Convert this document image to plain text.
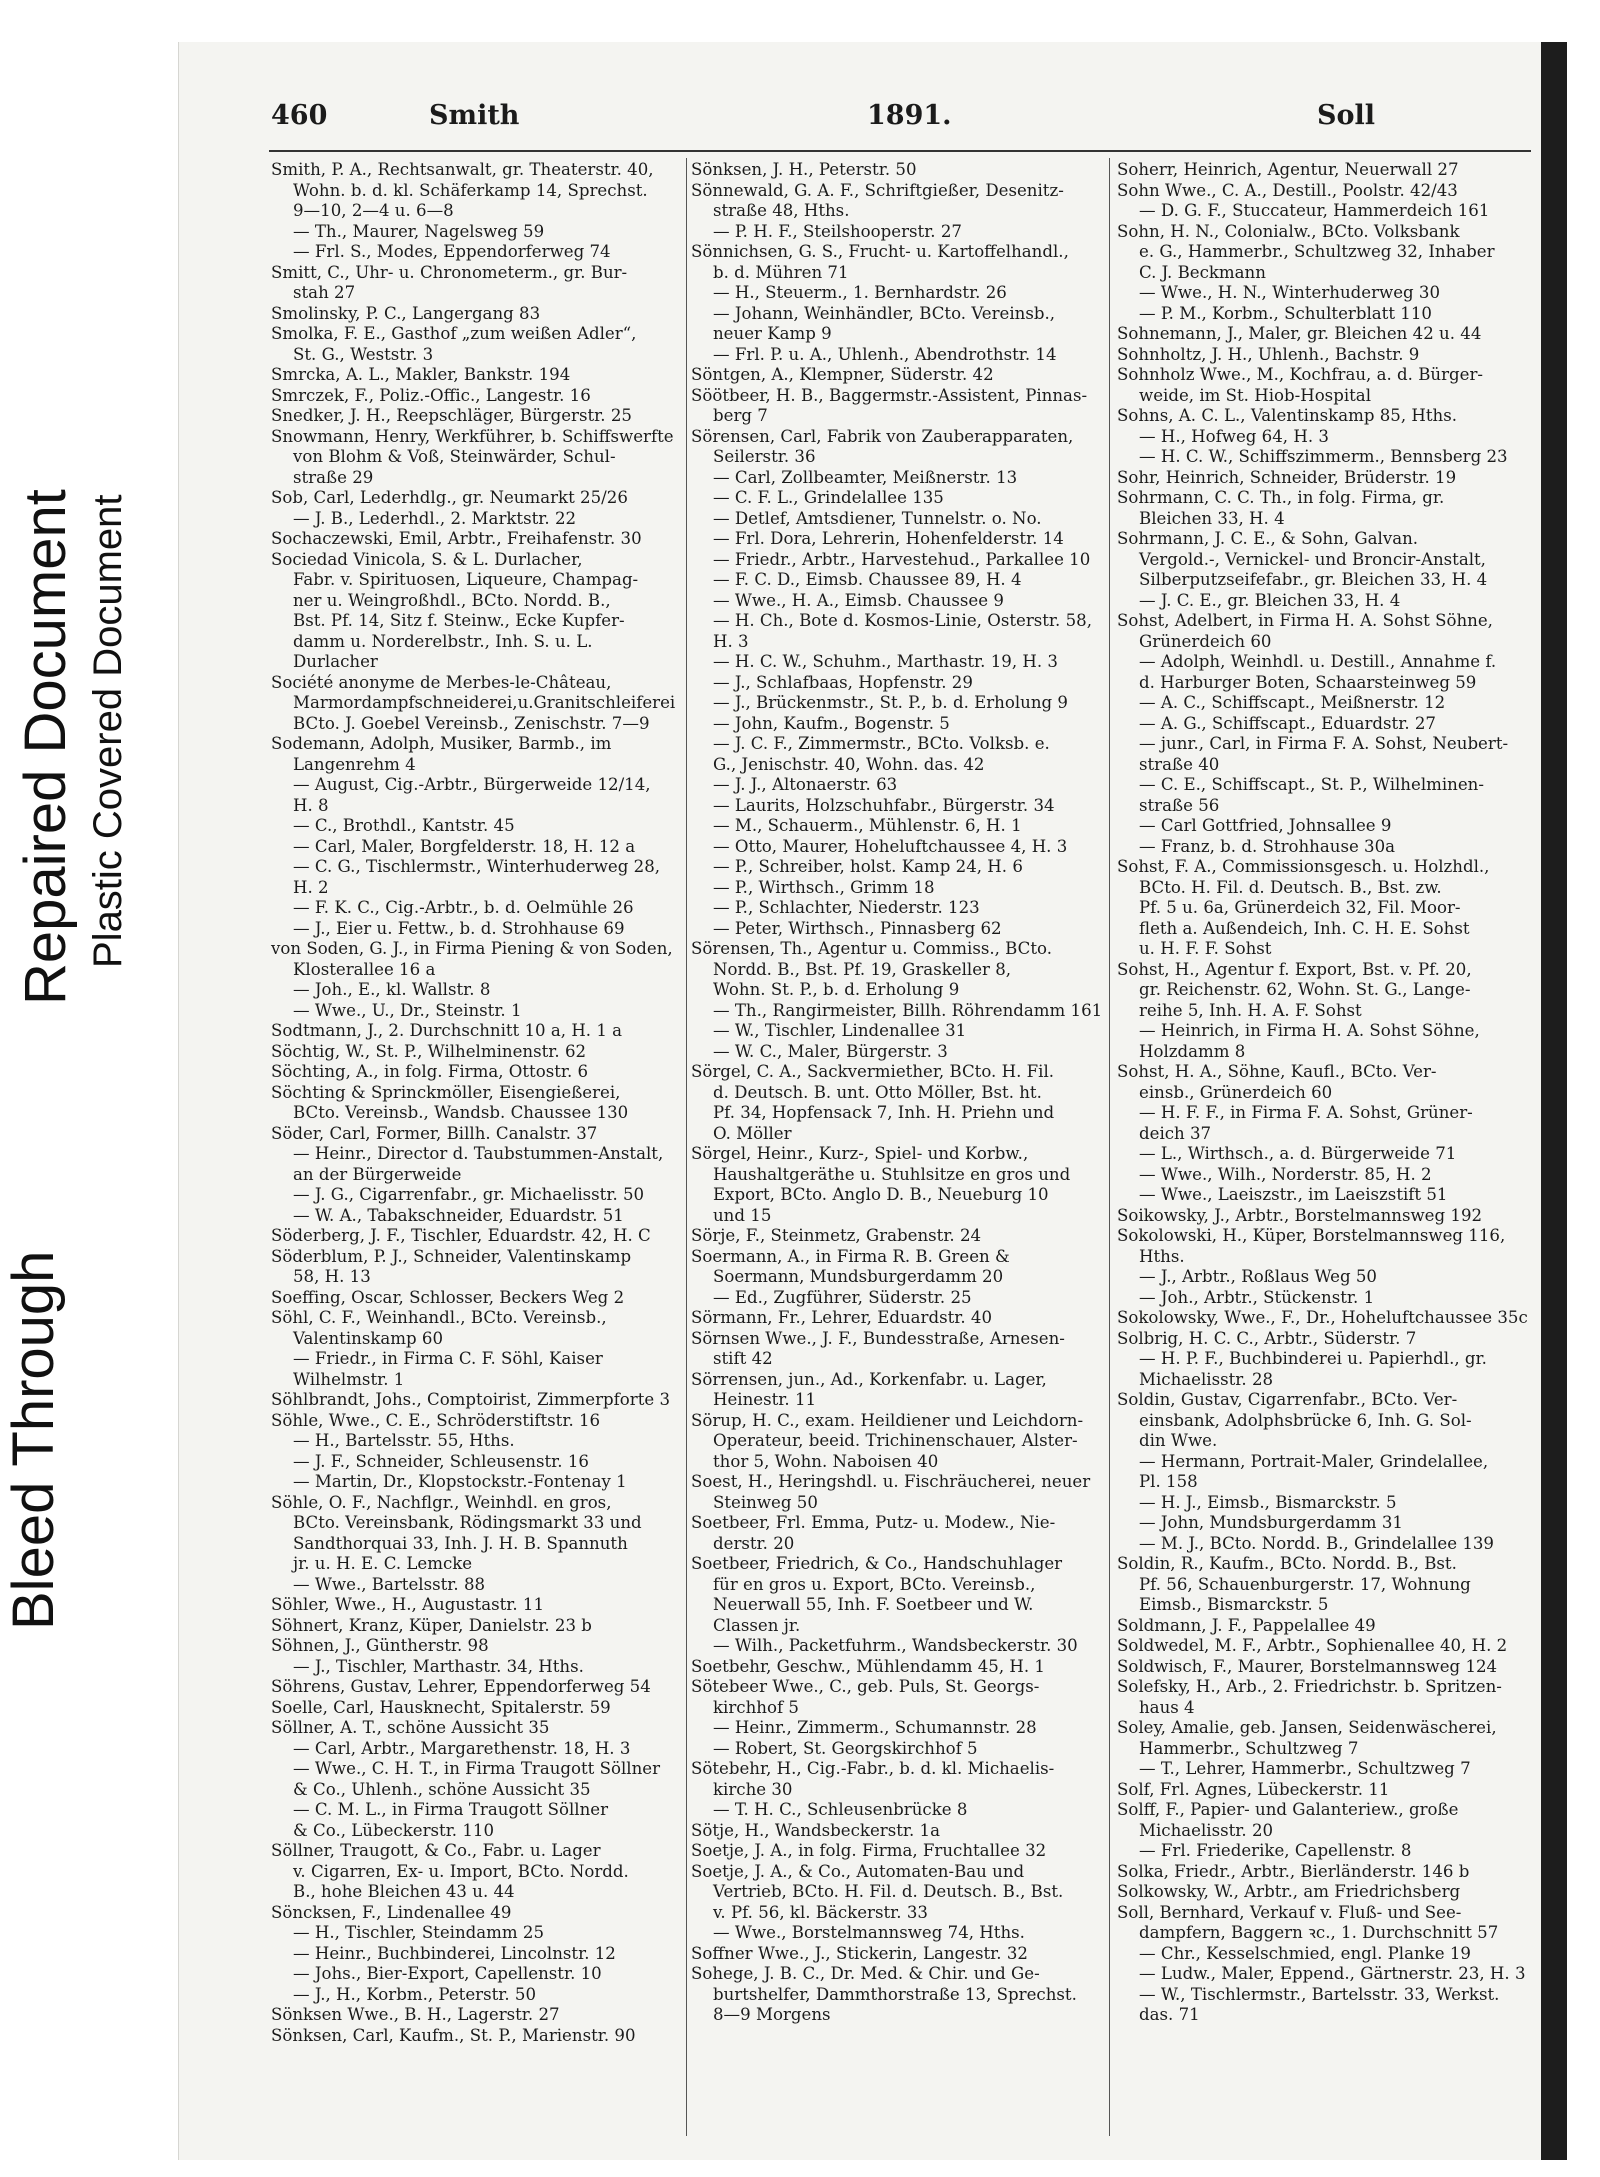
Bleed Through
Repaired Document Plastic Covered Document
460	Smith	1891.	Soll
Smith, P. A., Rechtsanwalt, gr. Theaterstr. 40,
Wohn. b. d. kl. Schäferkamp 14, Sprechst.
9—10, 2—4 u. 6—8
— Th., Maurer, Nagelsweg 59
— Frl. S., Modes, Eppendorferweg 74
Smitt, C., Uhr- u. Chronometerm., gr. Bur-
stah 27
Smolinsky, P. C., Langergang 83
Smolka, F. E., Gasthof „zum weißen Adler“,
St. G., Weststr. 3
Smrcka, A. L., Makler, Bankstr. 194
Smrczek, F., Poliz.-Offic., Langestr. 16
Snedker, J. H., Reepschläger, Bürgerstr. 25
Snowmann, Henry, Werkführer, b. Schiffswerfte
von Blohm & Voß, Steinwärder, Schul-
straße 29
Sob, Carl, Lederhdlg., gr. Neumarkt 25/26
— J. B., Lederhdl., 2. Marktstr. 22
Sochaczewski, Emil, Arbtr., Freihafenstr. 30
Sociedad Vinicola, S. & L. Durlacher,
Fabr. v. Spirituosen, Liqueure, Champag-
ner u. Weingroßhdl., BCto. Nordd. B.,
Bst. Pf. 14, Sitz f. Steinw., Ecke Kupfer-
damm u. Norderelbstr., Inh. S. u. L.
Durlacher
Société anonyme de Merbes-le-Château,
Marmordampfschneiderei,u.Granitschleiferei
BCto. J. Goebel Vereinsb., Zenischstr. 7—9
Sodemann, Adolph, Musiker, Barmb., im
Langenrehm 4
— August, Cig.-Arbtr., Bürgerweide 12/14,
H. 8
— C., Brothdl., Kantstr. 45
— Carl, Maler, Borgfelderstr. 18, H. 12 a
— C. G., Tischlermstr., Winterhuderweg 28,
H. 2
— F. K. C., Cig.-Arbtr., b. d. Oelmühle 26
— J., Eier u. Fettw., b. d. Strohhause 69
von Soden, G. J., in Firma Piening & von Soden,
Klosterallee 16 a
— Joh., E., kl. Wallstr. 8
— Wwe., U., Dr., Steinstr. 1
Sodtmann, J., 2. Durchschnitt 10 a, H. 1 a
Söchtig, W., St. P., Wilhelminenstr. 62
Söchting, A., in folg. Firma, Ottostr. 6
Söchting & Sprinckmöller, Eisengießerei,
BCto. Vereinsb., Wandsb. Chaussee 130
Söder, Carl, Former, Billh. Canalstr. 37
— Heinr., Director d. Taubstummen-Anstalt,
an der Bürgerweide
— J. G., Cigarrenfabr., gr. Michaelisstr. 50
— W. A., Tabakschneider, Eduardstr. 51
Söderberg, J. F., Tischler, Eduardstr. 42, H. C
Söderblum, P. J., Schneider, Valentinskamp
58, H. 13
Soeffing, Oscar, Schlosser, Beckers Weg 2
Söhl, C. F., Weinhandl., BCto. Vereinsb.,
Valentinskamp 60
— Friedr., in Firma C. F. Söhl, Kaiser
Wilhelmstr. 1
Söhlbrandt, Johs., Comptoirist, Zimmerpforte 3
Söhle, Wwe., C. E., Schröderstiftstr. 16
— H., Bartelsstr. 55, Hths.
— J. F., Schneider, Schleusenstr. 16
— Martin, Dr., Klopstockstr.-Fontenay 1
Söhle, O. F., Nachflgr., Weinhdl. en gros,
BCto. Vereinsbank, Rödingsmarkt 33 und
Sandthorquai 33, Inh. J. H. B. Spannuth
jr. u. H. E. C. Lemcke
— Wwe., Bartelsstr. 88
Söhler, Wwe., H., Augustastr. 11
Söhnert, Kranz, Küper, Danielstr. 23 b
Söhnen, J., Güntherstr. 98
— J., Tischler, Marthastr. 34, Hths.
Söhrens, Gustav, Lehrer, Eppendorferweg 54
Soelle, Carl, Hausknecht, Spitalerstr. 59
Söllner, A. T., schöne Aussicht 35
— Carl, Arbtr., Margarethenstr. 18, H. 3
— Wwe., C. H. T., in Firma Traugott Söllner
& Co., Uhlenh., schöne Aussicht 35
— C. M. L., in Firma Traugott Söllner
& Co., Lübeckerstr. 110
Söllner, Traugott, & Co., Fabr. u. Lager
v. Cigarren, Ex- u. Import, BCto. Nordd.
B., hohe Bleichen 43 u. 44
Söncksen, F., Lindenallee 49
— H., Tischler, Steindamm 25
— Heinr., Buchbinderei, Lincolnstr. 12
— Johs., Bier-Export, Capellenstr. 10
— J., H., Korbm., Peterstr. 50
Sönksen Wwe., B. H., Lagerstr. 27
Sönksen, Carl, Kaufm., St. P., Marienstr. 90
Sönksen, J. H., Peterstr. 50
Sönnewald, G. A. F., Schriftgießer, Desenitz-
straße 48, Hths.
— P. H. F., Steilshooperstr. 27
Sönnichsen, G. S., Frucht- u. Kartoffelhandl.,
b. d. Mühren 71
— H., Steuerm., 1. Bernhardstr. 26
— Johann, Weinhändler, BCto. Vereinsb.,
neuer Kamp 9
— Frl. P. u. A., Uhlenh., Abendrothstr. 14
Söntgen, A., Klempner, Süderstr. 42
Söötbeer, H. B., Baggermstr.-Assistent, Pinnas-
berg 7
Sörensen, Carl, Fabrik von Zauberapparaten,
Seilerstr. 36
— Carl, Zollbeamter, Meißnerstr. 13
— C. F. L., Grindelallee 135
— Detlef, Amtsdiener, Tunnelstr. o. No.
— Frl. Dora, Lehrerin, Hohenfelderstr. 14
— Friedr., Arbtr., Harvestehud., Parkallee 10
— F. C. D., Eimsb. Chaussee 89, H. 4
— Wwe., H. A., Eimsb. Chaussee 9
— H. Ch., Bote d. Kosmos-Linie, Osterstr. 58,
H. 3
— H. C. W., Schuhm., Marthastr. 19, H. 3
— J., Schlafbaas, Hopfenstr. 29
— J., Brückenmstr., St. P., b. d. Erholung 9
— John, Kaufm., Bogenstr. 5
— J. C. F., Zimmermstr., BCto. Volksb. e.
G., Jenischstr. 40, Wohn. das. 42
— J. J., Altonaerstr. 63
— Laurits, Holzschuhfabr., Bürgerstr. 34
— M., Schauerm., Mühlenstr. 6, H. 1
— Otto, Maurer, Hoheluftchaussee 4, H. 3
— P., Schreiber, holst. Kamp 24, H. 6
— P., Wirthsch., Grimm 18
— P., Schlachter, Niederstr. 123
— Peter, Wirthsch., Pinnasberg 62
Sörensen, Th., Agentur u. Commiss., BCto.
Nordd. B., Bst. Pf. 19, Graskeller 8,
Wohn. St. P., b. d. Erholung 9
— Th., Rangirmeister, Billh. Röhrendamm 161
— W., Tischler, Lindenallee 31
— W. C., Maler, Bürgerstr. 3
Sörgel, C. A., Sackvermiether, BCto. H. Fil.
d. Deutsch. B. unt. Otto Möller, Bst. ht.
Pf. 34, Hopfensack 7, Inh. H. Priehn und
O. Möller
Sörgel, Heinr., Kurz-, Spiel- und Korbw.,
Haushaltgeräthe u. Stuhlsitze en gros und
Export, BCto. Anglo D. B., Neueburg 10
und 15
Sörje, F., Steinmetz, Grabenstr. 24
Soermann, A., in Firma R. B. Green &
Soermann, Mundsburgerdamm 20
— Ed., Zugführer, Süderstr. 25
Sörmann, Fr., Lehrer, Eduardstr. 40
Sörnsen Wwe., J. F., Bundesstraße, Arnesen-
stift 42
Sörrensen, jun., Ad., Korkenfabr. u. Lager,
Heinestr. 11
Sörup, H. C., exam. Heildiener und Leichdorn-
Operateur, beeid. Trichinenschauer, Alster-
thor 5, Wohn. Naboisen 40
Soest, H., Heringshdl. u. Fischräucherei, neuer
Steinweg 50
Soetbeer, Frl. Emma, Putz- u. Modew., Nie-
derstr. 20
Soetbeer, Friedrich, & Co., Handschuhlager
für en gros u. Export, BCto. Vereinsb.,
Neuerwall 55, Inh. F. Soetbeer und W.
Classen jr.
— Wilh., Packetfuhrm., Wandsbeckerstr. 30
Soetbehr, Geschw., Mühlendamm 45, H. 1
Sötebeer Wwe., C., geb. Puls, St. Georgs-
kirchhof 5
— Heinr., Zimmerm., Schumannstr. 28
— Robert, St. Georgskirchhof 5
Sötebehr, H., Cig.-Fabr., b. d. kl. Michaelis-
kirche 30
— T. H. C., Schleusenbrücke 8
Sötje, H., Wandsbeckerstr. 1a
Soetje, J. A., in folg. Firma, Fruchtallee 32
Soetje, J. A., & Co., Automaten-Bau und
Vertrieb, BCto. H. Fil. d. Deutsch. B., Bst.
v. Pf. 56, kl. Bäckerstr. 33
— Wwe., Borstelmannsweg 74, Hths.
Soffner Wwe., J., Stickerin, Langestr. 32
Sohege, J. B. C., Dr. Med. & Chir. und Ge-
burtshelfer, Dammthorstraße 13, Sprechst.
8—9 Morgens
Soherr, Heinrich, Agentur, Neuerwall 27
Sohn Wwe., C. A., Destill., Poolstr. 42/43
— D. G. F., Stuccateur, Hammerdeich 161
Sohn, H. N., Colonialw., BCto. Volksbank
e. G., Hammerbr., Schultzweg 32, Inhaber
C. J. Beckmann
— Wwe., H. N., Winterhuderweg 30
— P. M., Korbm., Schulterblatt 110
Sohnemann, J., Maler, gr. Bleichen 42 u. 44
Sohnholtz, J. H., Uhlenh., Bachstr. 9
Sohnholz Wwe., M., Kochfrau, a. d. Bürger-
weide, im St. Hiob-Hospital
Sohns, A. C. L., Valentinskamp 85, Hths.
— H., Hofweg 64, H. 3
— H. C. W., Schiffszimmerm., Bennsberg 23
Sohr, Heinrich, Schneider, Brüderstr. 19
Sohrmann, C. C. Th., in folg. Firma, gr.
Bleichen 33, H. 4
Sohrmann, J. C. E., & Sohn, Galvan.
Vergold.-, Vernickel- und Broncir-Anstalt,
Silberputzseifefabr., gr. Bleichen 33, H. 4
— J. C. E., gr. Bleichen 33, H. 4
Sohst, Adelbert, in Firma H. A. Sohst Söhne,
Grünerdeich 60
— Adolph, Weinhdl. u. Destill., Annahme f.
d. Harburger Boten, Schaarsteinweg 59
— A. C., Schiffscapt., Meißnerstr. 12
— A. G., Schiffscapt., Eduardstr. 27
— junr., Carl, in Firma F. A. Sohst, Neubert-
straße 40
— C. E., Schiffscapt., St. P., Wilhelminen-
straße 56
— Carl Gottfried, Johnsallee 9
— Franz, b. d. Strohhause 30a
Sohst, F. A., Commissionsgesch. u. Holzhdl.,
BCto. H. Fil. d. Deutsch. B., Bst. zw.
Pf. 5 u. 6a, Grünerdeich 32, Fil. Moor-
fleth a. Außendeich, Inh. C. H. E. Sohst
u. H. F. F. Sohst
Sohst, H., Agentur f. Export, Bst. v. Pf. 20,
gr. Reichenstr. 62, Wohn. St. G., Lange-
reihe 5, Inh. H. A. F. Sohst
— Heinrich, in Firma H. A. Sohst Söhne,
Holzdamm 8
Sohst, H. A., Söhne, Kaufl., BCto. Ver-
einsb., Grünerdeich 60
— H. F. F., in Firma F. A. Sohst, Grüner-
deich 37
— L., Wirthsch., a. d. Bürgerweide 71
— Wwe., Wilh., Norderstr. 85, H. 2
— Wwe., Laeiszstr., im Laeiszstift 51
Soikowsky, J., Arbtr., Borstelmannsweg 192
Sokolowski, H., Küper, Borstelmannsweg 116,
Hths.
— J., Arbtr., Roßlaus Weg 50
— Joh., Arbtr., Stückenstr. 1
Sokolowsky, Wwe., F., Dr., Hoheluftchaussee 35c
Solbrig, H. C. C., Arbtr., Süderstr. 7
— H. P. F., Buchbinderei u. Papierhdl., gr.
Michaelisstr. 28
Soldin, Gustav, Cigarrenfabr., BCto. Ver-
einsbank, Adolphsbrücke 6, Inh. G. Sol-
din Wwe.
— Hermann, Portrait-Maler, Grindelallee,
Pl. 158
— H. J., Eimsb., Bismarckstr. 5
— John, Mundsburgerdamm 31
— M. J., BCto. Nordd. B., Grindelallee 139
Soldin, R., Kaufm., BCto. Nordd. B., Bst.
Pf. 56, Schauenburgerstr. 17, Wohnung
Eimsb., Bismarckstr. 5
Soldmann, J. F., Pappelallee 49
Soldwedel, M. F., Arbtr., Sophienallee 40, H. 2
Soldwisch, F., Maurer, Borstelmannsweg 124
Solefsky, H., Arb., 2. Friedrichstr. b. Spritzen-
haus 4
Soley, Amalie, geb. Jansen, Seidenwäscherei,
Hammerbr., Schultzweg 7
— T., Lehrer, Hammerbr., Schultzweg 7
Solf, Frl. Agnes, Lübeckerstr. 11
Solff, F., Papier- und Galanteriew., große
Michaelisstr. 20
— Frl. Friederike, Capellenstr. 8
Solka, Friedr., Arbtr., Bierländerstr. 146 b
Solkowsky, W., Arbtr., am Friedrichsberg
Soll, Bernhard, Verkauf v. Fluß- und See-
dampfern, Baggern ꝛc., 1. Durchschnitt 57
— Chr., Kesselschmied, engl. Planke 19
— Ludw., Maler, Eppend., Gärtnerstr. 23, H. 3
— W., Tischlermstr., Bartelsstr. 33, Werkst.
das. 71
